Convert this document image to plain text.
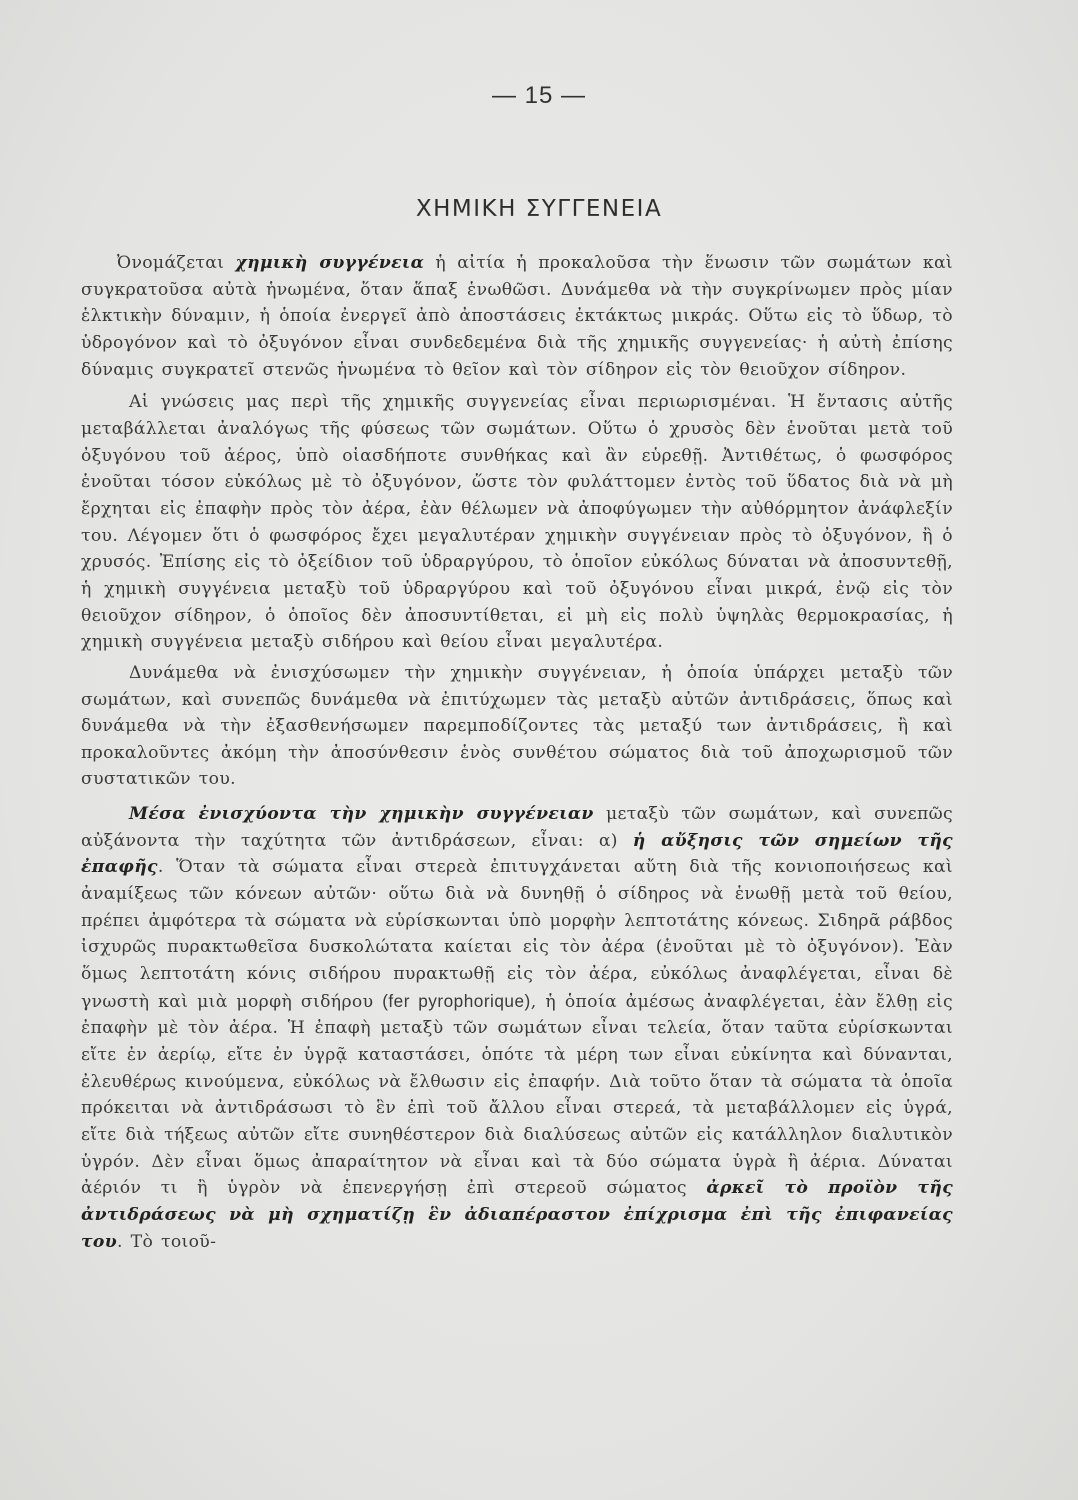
— 15 —
ΧΗΜΙΚΗ ΣΥΓΓΕΝΕΙΑ

Ὀνομάζεται χημικὴ συγγένεια ἡ αἰτία ἡ προκαλοῦσα τὴν ἕνωσιν τῶν σωμάτων καὶ συγκρατοῦσα αὐτὰ ἡνωμένα, ὅταν ἅπαξ ἑνωθῶσι. Δυνάμεθα νὰ τὴν συγκρίνωμεν πρὸς μίαν ἑλκτικὴν δύναμιν, ἡ ὁποία ἐνεργεῖ ἀπὸ ἀποστάσεις ἐκτάκτως μικράς. Οὕτω εἰς τὸ ὕδωρ, τὸ ὑδρογόνον καὶ τὸ ὀξυγόνον εἶναι συνδεδεμένα διὰ τῆς χημικῆς συγγενείας· ἡ αὐτὴ ἐπίσης δύναμις συγκρατεῖ στενῶς ἡνωμένα τὸ θεῖον καὶ τὸν σίδηρον εἰς τὸν θειοῦχον σίδηρον.

Αἱ γνώσεις μας περὶ τῆς χημικῆς συγγενείας εἶναι περιωρισμέναι. Ἡ ἔντασις αὐτῆς μεταβάλλεται ἀναλόγως τῆς φύσεως τῶν σωμάτων. Οὕτω ὁ χρυσὸς δὲν ἑνοῦται μετὰ τοῦ ὀξυγόνου τοῦ ἀέρος, ὑπὸ οἱασδήποτε συνθήκας καὶ ἂν εὑρεθῇ. Ἀντιθέτως, ὁ φωσφόρος ἑνοῦται τόσον εὐκόλως μὲ τὸ ὀξυγόνον, ὥστε τὸν φυλάττομεν ἐντὸς τοῦ ὕδατος διὰ νὰ μὴ ἔρχηται εἰς ἐπαφὴν πρὸς τὸν ἀέρα, ἐὰν θέλωμεν νὰ ἀποφύγωμεν τὴν αὐθόρμητον ἀνάφλεξίν του. Λέγομεν ὅτι ὁ φωσφόρος ἔχει μεγαλυτέραν χημικὴν συγγένειαν πρὸς τὸ ὀξυγόνον, ἢ ὁ χρυσός. Ἐπίσης εἰς τὸ ὀξείδιον τοῦ ὑδραργύρου, τὸ ὁποῖον εὐκόλως δύναται νὰ ἀποσυντεθῇ, ἡ χημικὴ συγγένεια μεταξὺ τοῦ ὑδραργύρου καὶ τοῦ ὀξυγόνου εἶναι μικρά, ἐνῷ εἰς τὸν θειοῦχον σίδηρον, ὁ ὁποῖος δὲν ἀποσυντίθεται, εἰ μὴ εἰς πολὺ ὑψηλὰς θερμοκρασίας, ἡ χημικὴ συγγένεια μεταξὺ σιδήρου καὶ θείου εἶναι μεγαλυτέρα.

Δυνάμεθα νὰ ἐνισχύσωμεν τὴν χημικὴν συγγένειαν, ἡ ὁποία ὑπάρχει μεταξὺ τῶν σωμάτων, καὶ συνεπῶς δυνάμεθα νὰ ἐπιτύχωμεν τὰς μεταξὺ αὐτῶν ἀντιδράσεις, ὅπως καὶ δυνάμεθα νὰ τὴν ἐξασθενήσωμεν παρεμποδίζοντες τὰς μεταξύ των ἀντιδράσεις, ἢ καὶ προκαλοῦντες ἀκόμη τὴν ἀποσύνθεσιν ἑνὸς συνθέτου σώματος διὰ τοῦ ἀποχωρισμοῦ τῶν συστατικῶν του.

Μέσα ἐνισχύοντα τὴν χημικὴν συγγένειαν μεταξὺ τῶν σωμάτων, καὶ συνεπῶς αὐξάνοντα τὴν ταχύτητα τῶν ἀντιδράσεων, εἶναι: α) ἡ αὔξησις τῶν σημείων τῆς ἐπαφῆς. Ὅταν τὰ σώματα εἶναι στερεὰ ἐπιτυγχάνεται αὔτη διὰ τῆς κονιοποιήσεως καὶ ἀναμίξεως τῶν κόνεων αὐτῶν· οὕτω διὰ νὰ δυνηθῇ ὁ σίδηρος νὰ ἑνωθῇ μετὰ τοῦ θείου, πρέπει ἀμφότερα τὰ σώματα νὰ εὑρίσκωνται ὑπὸ μορφὴν λεπτοτάτης κόνεως. Σιδηρᾶ ράβδος ἰσχυρῶς πυρακτωθεῖσα δυσκολώτατα καίεται εἰς τὸν ἀέρα (ἑνοῦται μὲ τὸ ὀξυγόνον). Ἐὰν ὅμως λεπτοτάτη κόνις σιδήρου πυρακτωθῇ εἰς τὸν ἀέρα, εὐκόλως ἀναφλέγεται, εἶναι δὲ γνωστὴ καὶ μιὰ μορφὴ σιδήρου (fer pyrophorique), ἡ ὁποία ἀμέσως ἀναφλέγεται, ἐὰν ἔλθῃ εἰς ἐπαφὴν μὲ τὸν ἀέρα. Ἡ ἐπαφὴ μεταξὺ τῶν σωμάτων εἶναι τελεία, ὅταν ταῦτα εὑρίσκωνται εἴτε ἐν ἀερίῳ, εἴτε ἐν ὑγρᾷ καταστάσει, ὁπότε τὰ μέρη των εἶναι εὐκίνητα καὶ δύνανται, ἐλευθέρως κινούμενα, εὐκόλως νὰ ἔλθωσιν εἰς ἐπαφήν. Διὰ τοῦτο ὅταν τὰ σώματα τὰ ὁποῖα πρόκειται νὰ ἀντιδράσωσι τὸ ἓν ἐπὶ τοῦ ἄλλου εἶναι στερεά, τὰ μεταβάλλομεν εἰς ὑγρά, εἴτε διὰ τήξεως αὐτῶν εἴτε συνηθέστερον διὰ διαλύσεως αὐτῶν εἰς κατάλληλον διαλυτικὸν ὑγρόν. Δὲν εἶναι ὅμως ἀπαραίτητον νὰ εἶναι καὶ τὰ δύο σώματα ὑγρὰ ἢ ἀέρια. Δύναται ἀέριόν τι ἢ ὑγρὸν νὰ ἐπενεργήσῃ ἐπὶ στερεοῦ σώματος ἀρκεῖ τὸ προϊὸν τῆς ἀντιδράσεως νὰ μὴ σχηματίζῃ ἓν ἀδιαπέραστον ἐπίχρισμα ἐπὶ τῆς ἐπιφανείας του. Τὸ τοιοῦ-
